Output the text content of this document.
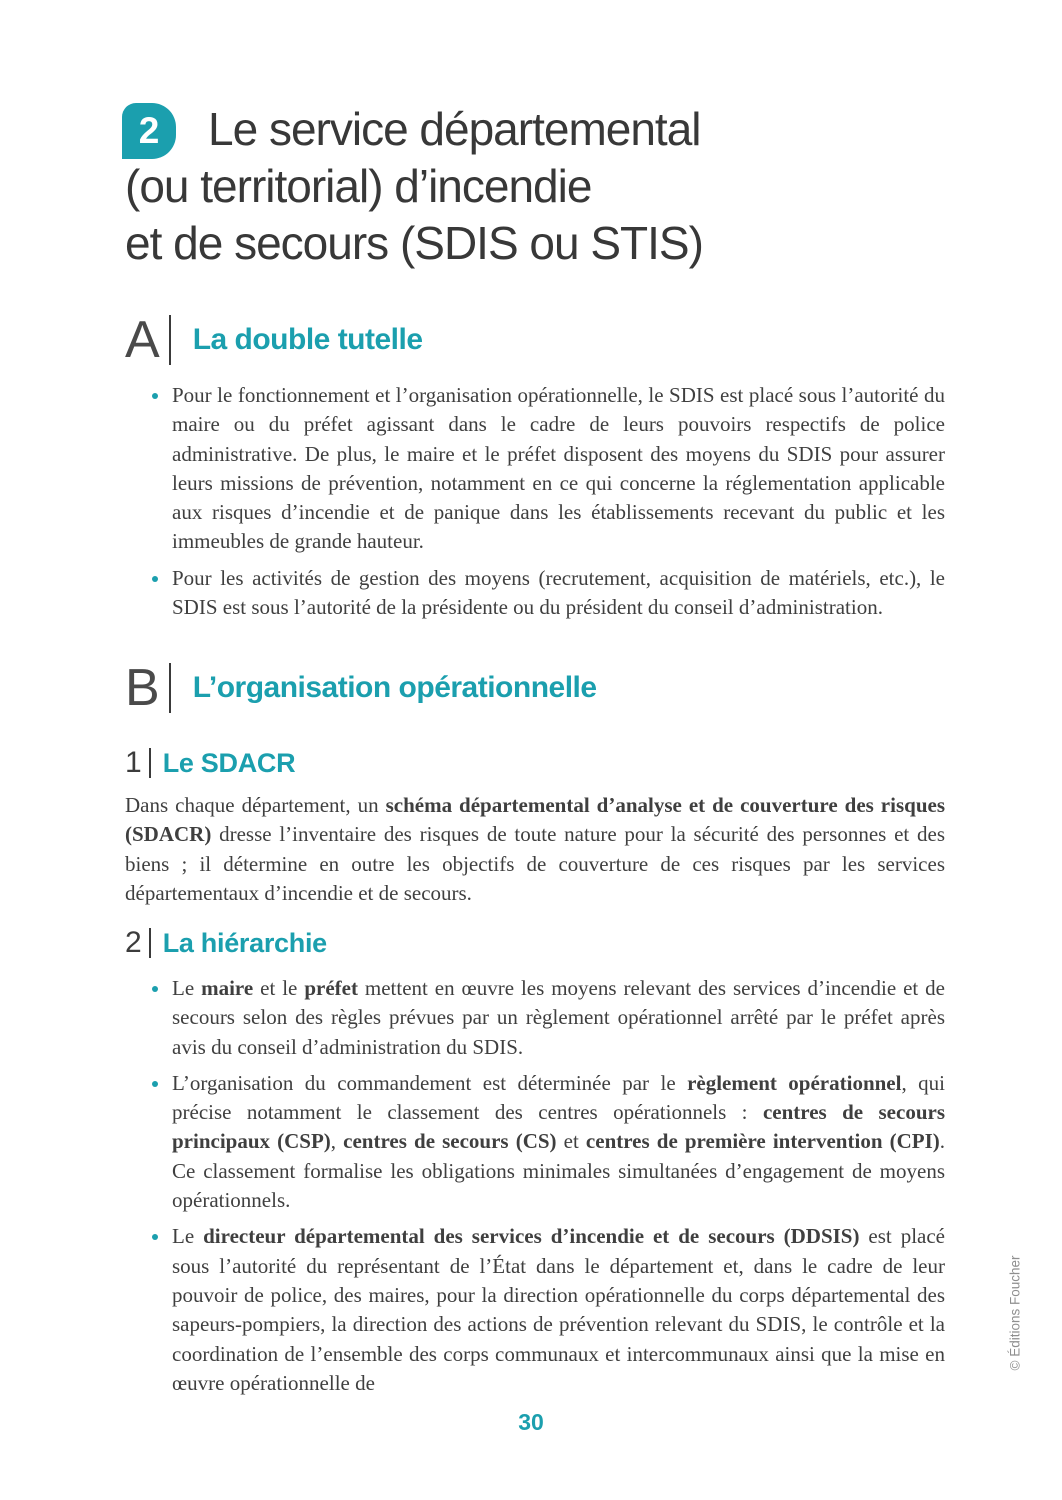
2	Le service départemental
(ou territorial) d’incendie
et de secours (SDIS ou STIS)
A La double tutelle
Pour le fonctionnement et l’organisation opérationnelle, le SDIS est placé sous l’autorité du maire ou du préfet agissant dans le cadre de leurs pouvoirs respectifs de police administrative. De plus, le maire et le préfet disposent des moyens du SDIS pour assurer leurs missions de prévention, notamment en ce qui concerne la réglementation applicable aux risques d’incendie et de panique dans les établissements recevant du public et les immeubles de grande hauteur.
Pour les activités de gestion des moyens (recrutement, acquisition de matériels, etc.), le SDIS est sous l’autorité de la présidente ou du président du conseil d’administration.
B L’organisation opérationnelle
1 Le SDACR

Dans chaque département, un schéma départemental d’analyse et de couverture des risques (SDACR) dresse l’inventaire des risques de toute nature pour la sécurité des personnes et des biens ; il détermine en outre les objectifs de couverture de ces risques par les services départementaux d’incendie et de secours.

2 La hiérarchie
Le maire et le préfet mettent en œuvre les moyens relevant des services d’incendie et de secours selon des règles prévues par un règlement opérationnel arrêté par le préfet après avis du conseil d’administration du SDIS.
L’organisation du commandement est déterminée par le règlement opérationnel, qui précise notamment le classement des centres opérationnels : centres de secours principaux (CSP), centres de secours (CS) et centres de première intervention (CPI). Ce classement formalise les obligations minimales simultanées d’engagement de moyens opérationnels.
Le directeur départemental des services d’incendie et de secours (DDSIS) est placé sous l’autorité du représentant de l’État dans le département et, dans le cadre de leur pouvoir de police, des maires, pour la direction opérationnelle du corps départemental des sapeurs-pompiers, la direction des actions de prévention relevant du SDIS, le contrôle et la coordination de l’ensemble des corps communaux et intercommunaux ainsi que la mise en œuvre opérationnelle de
30
© Éditions Foucher
